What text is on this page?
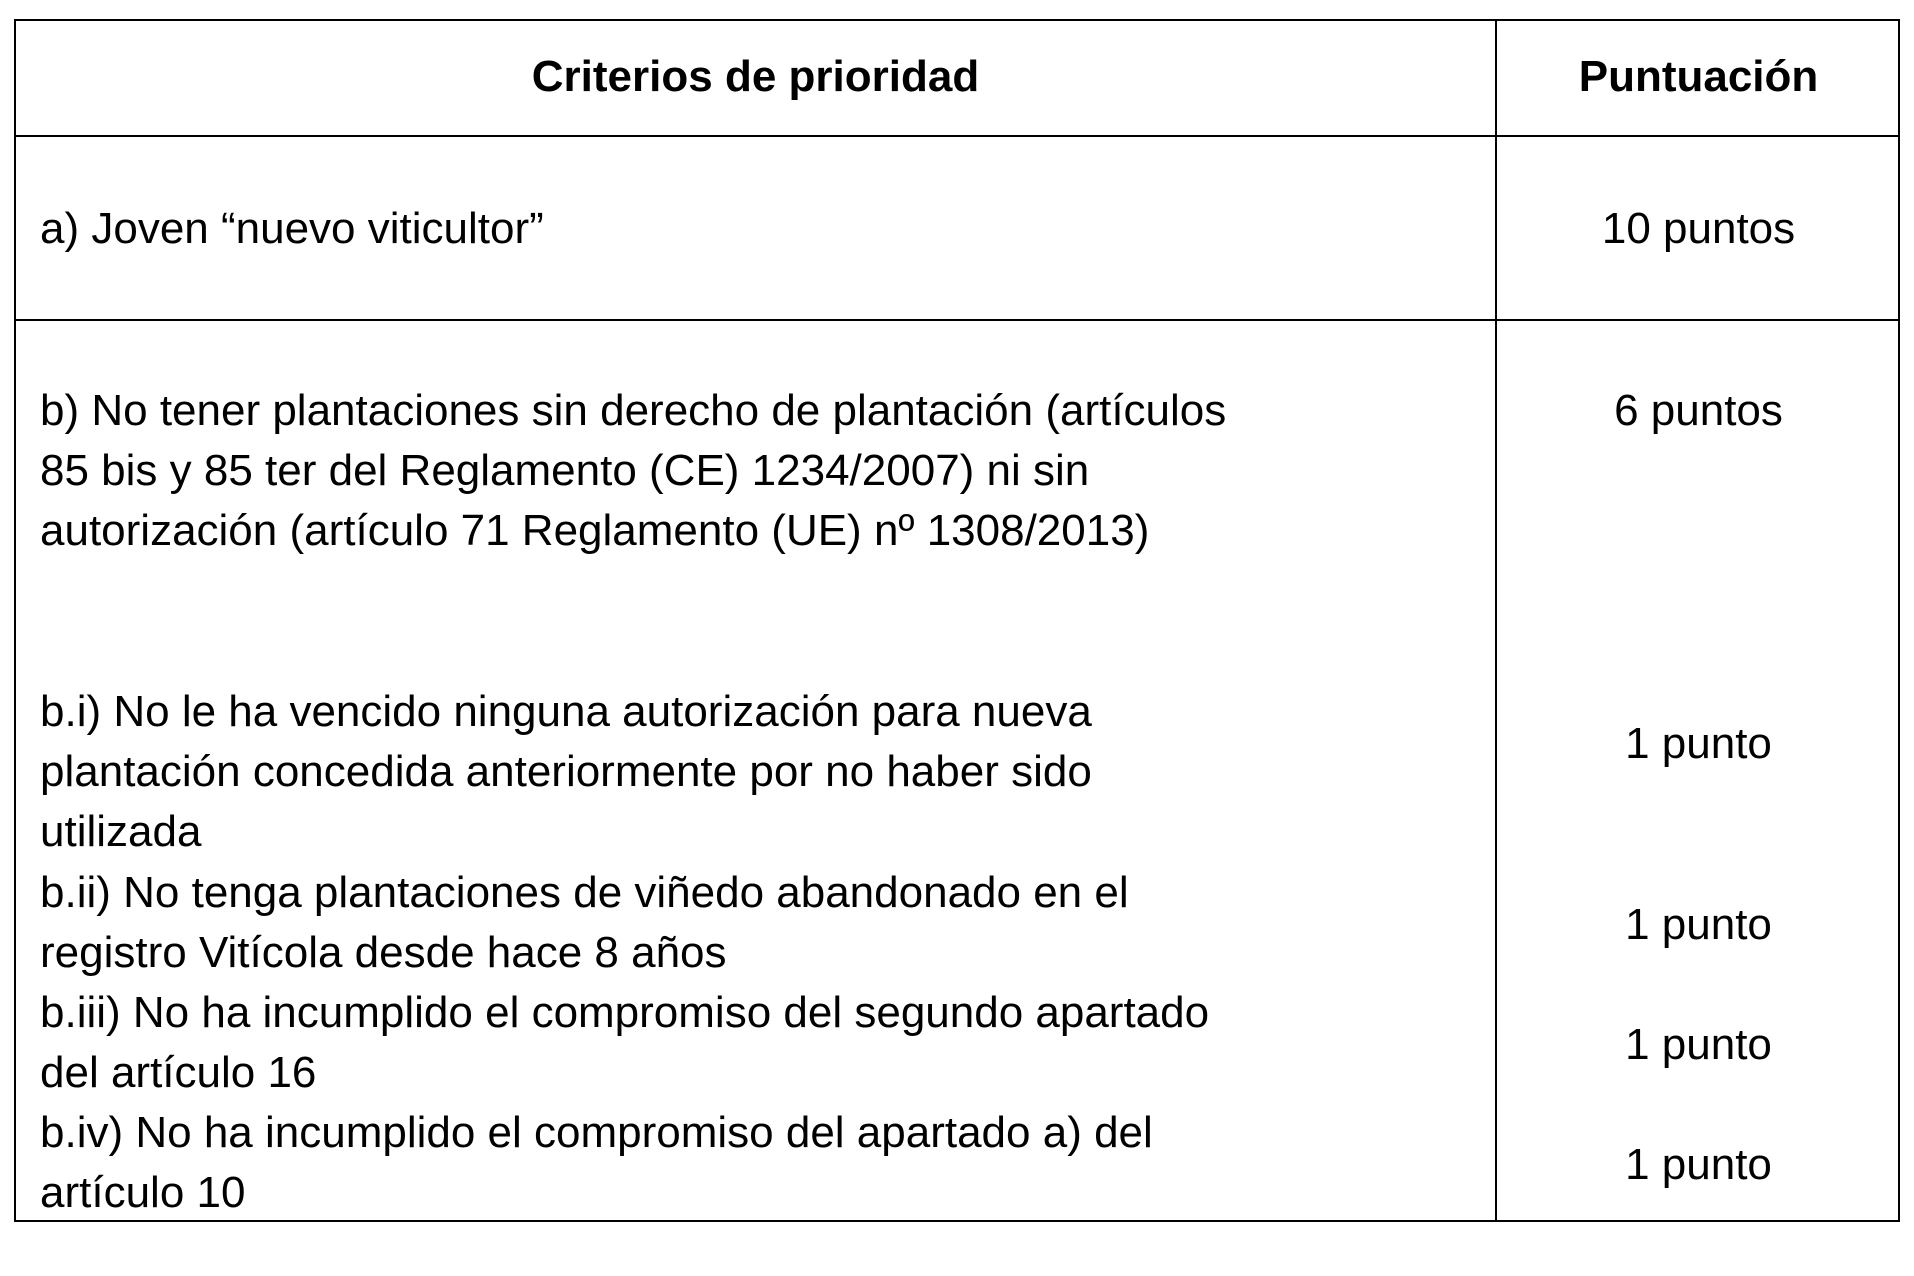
Criterios de prioridad	Puntuación
a) Joven “nuevo viticultor”	10 puntos
b) No tener plantaciones sin derecho de plantación (artículos
85 bis y 85 ter del Reglamento (CE) 1234/2007) ni sin
autorización (artículo 71 Reglamento (UE) nº 1308/2013)
6 puntos
b.i) No le ha vencido ninguna autorización para nueva
plantación concedida anteriormente por no haber sido
utilizada
1 punto
b.ii) No tenga plantaciones de viñedo abandonado en el
registro Vitícola desde hace 8 años
1 punto
b.iii) No ha incumplido el compromiso del segundo apartado
del artículo 16
1 punto
b.iv) No ha incumplido el compromiso del apartado a) del
artículo 10
1 punto
